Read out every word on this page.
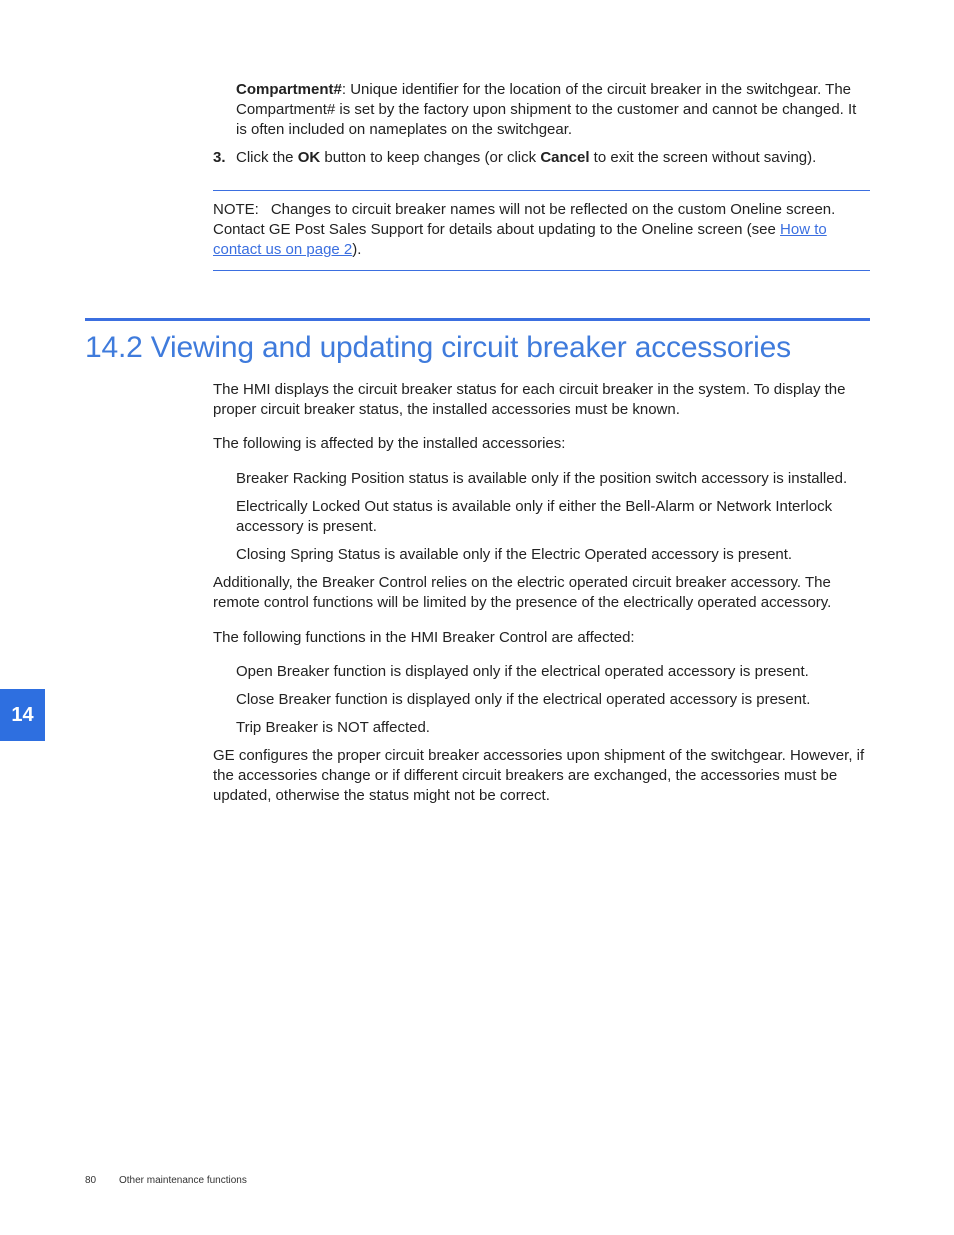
Compartment#: Unique identifier for the location of the circuit breaker in the switchgear. The Compartment# is set by the factory upon shipment to the customer and cannot be changed. It is often included on nameplates on the switchgear.
3. Click the OK button to keep changes (or click Cancel to exit the screen without saving).
NOTE: Changes to circuit breaker names will not be reflected on the custom Oneline screen. Contact GE Post Sales Support for details about updating to the Oneline screen (see How to contact us on page 2).
14.2 Viewing and updating circuit breaker accessories
The HMI displays the circuit breaker status for each circuit breaker in the system. To display the proper circuit breaker status, the installed accessories must be known.
The following is affected by the installed accessories:
Breaker Racking Position status is available only if the position switch accessory is installed.
Electrically Locked Out status is available only if either the Bell-Alarm or Network Interlock accessory is present.
Closing Spring Status is available only if the Electric Operated accessory is present.
Additionally, the Breaker Control relies on the electric operated circuit breaker accessory. The remote control functions will be limited by the presence of the electrically operated accessory.
The following functions in the HMI Breaker Control are affected:
Open Breaker function is displayed only if the electrical operated accessory is present.
Close Breaker function is displayed only if the electrical operated accessory is present.
Trip Breaker is NOT affected.
GE configures the proper circuit breaker accessories upon shipment of the switchgear. However, if the accessories change or if different circuit breakers are exchanged, the accessories must be updated, otherwise the status might not be correct.
14
80 Other maintenance functions
